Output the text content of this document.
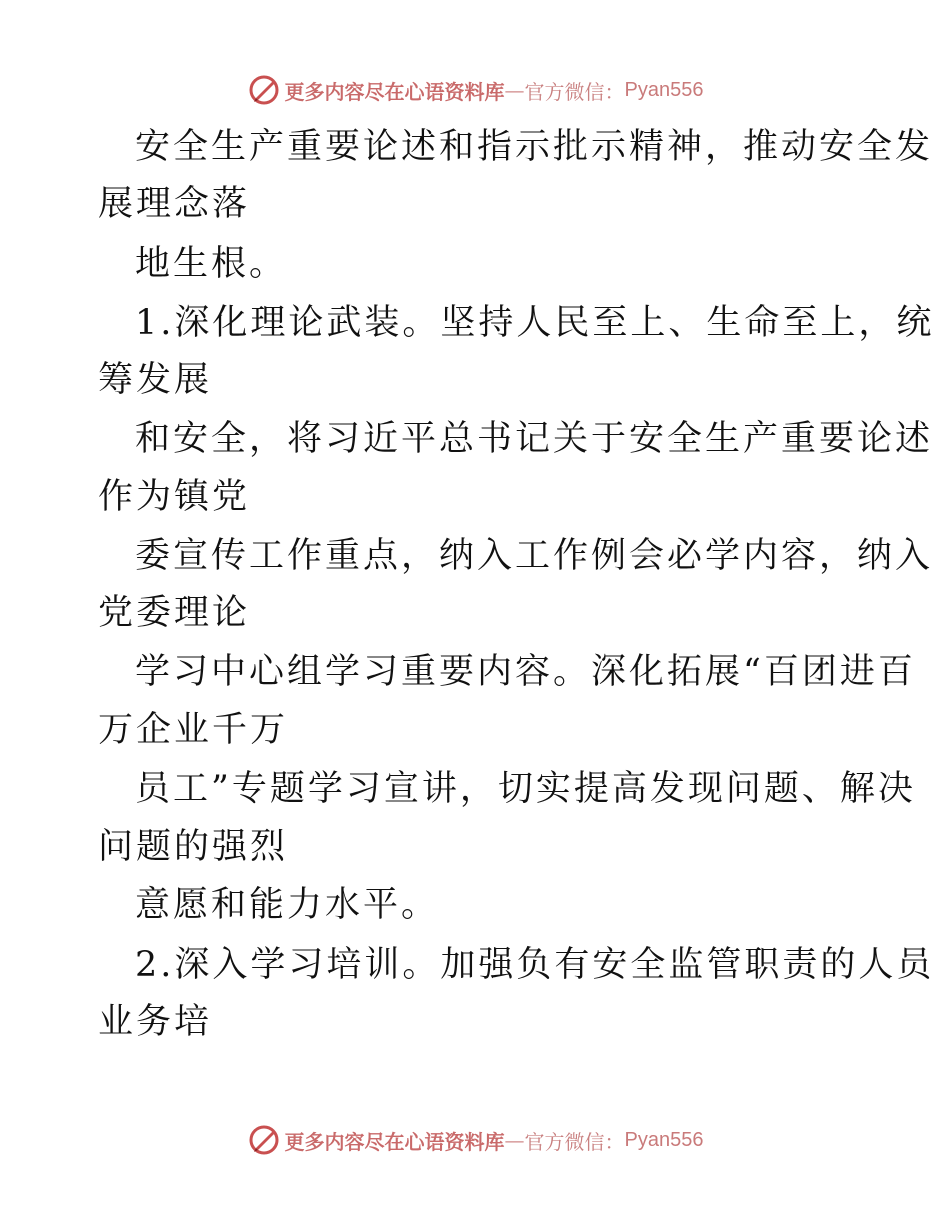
更多内容尽在心语资料库 — 官方微信： Pyan556
安全生产重要论述和指示批示精神，推动安全发
展理念落
地生根。
1.深化理论武装。坚持人民至上、生命至上，统
筹发展
和安全，将习近平总书记关于安全生产重要论述
作为镇党
委宣传工作重点，纳入工作例会必学内容，纳入
党委理论
学习中心组学习重要内容。深化拓展“百团进百
万企业千万
员工”专题学习宣讲，切实提高发现问题、解决
问题的强烈
意愿和能力水平。
2.深入学习培训。加强负有安全监管职责的人员
业务培
更多内容尽在心语资料库 — 官方微信： Pyan556
